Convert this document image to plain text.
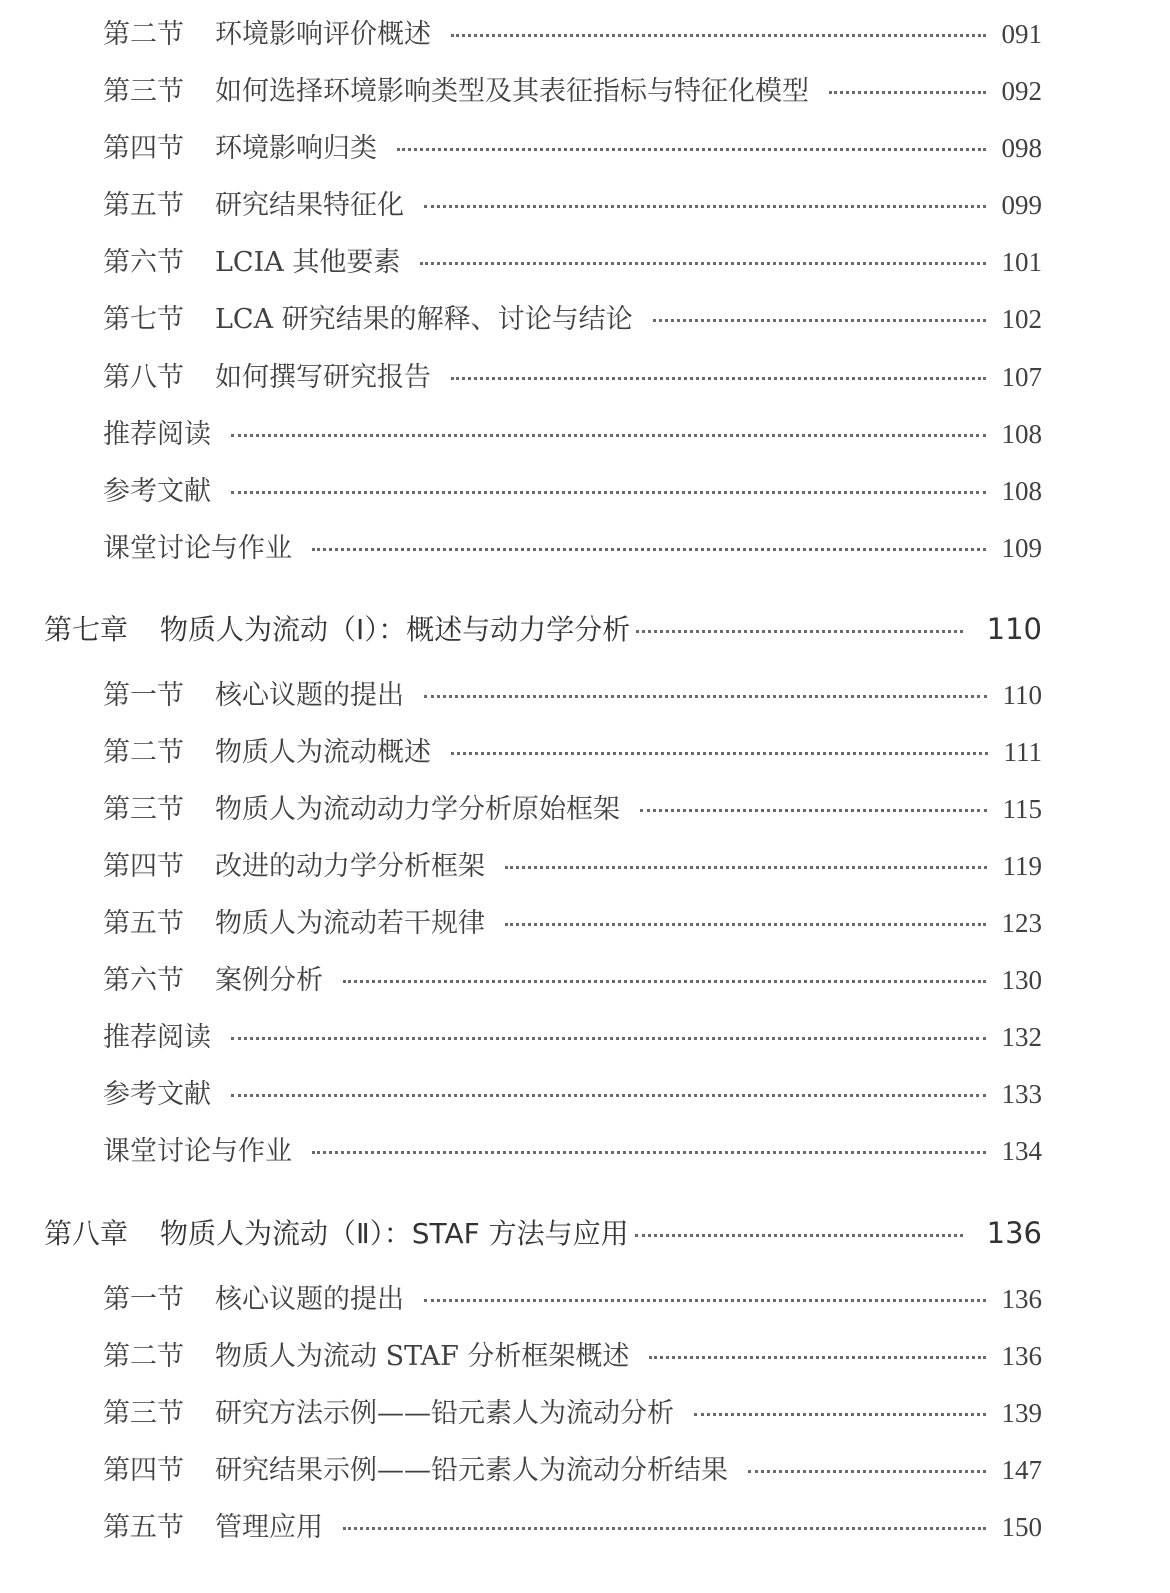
第二节	环境影响评价概述	091
第三节	如何选择环境影响类型及其表征指标与特征化模型	092
第四节	环境影响归类	098
第五节	研究结果特征化	099
第六节	LCIA 其他要素	101
第七节	LCA 研究结果的解释、讨论与结论	102
第八节	如何撰写研究报告	107
推荐阅读	108
参考文献	108
课堂讨论与作业	109
第七章	物质人为流动（Ⅰ）：概述与动力学分析	110
第一节	核心议题的提出	110
第二节	物质人为流动概述	111
第三节	物质人为流动动力学分析原始框架	115
第四节	改进的动力学分析框架	119
第五节	物质人为流动若干规律	123
第六节	案例分析	130
推荐阅读	132
参考文献	133
课堂讨论与作业	134
第八章	物质人为流动（Ⅱ）：STAF 方法与应用	136
第一节	核心议题的提出	136
第二节	物质人为流动 STAF 分析框架概述	136
第三节	研究方法示例——铅元素人为流动分析	139
第四节	研究结果示例——铅元素人为流动分析结果	147
第五节	管理应用	150
